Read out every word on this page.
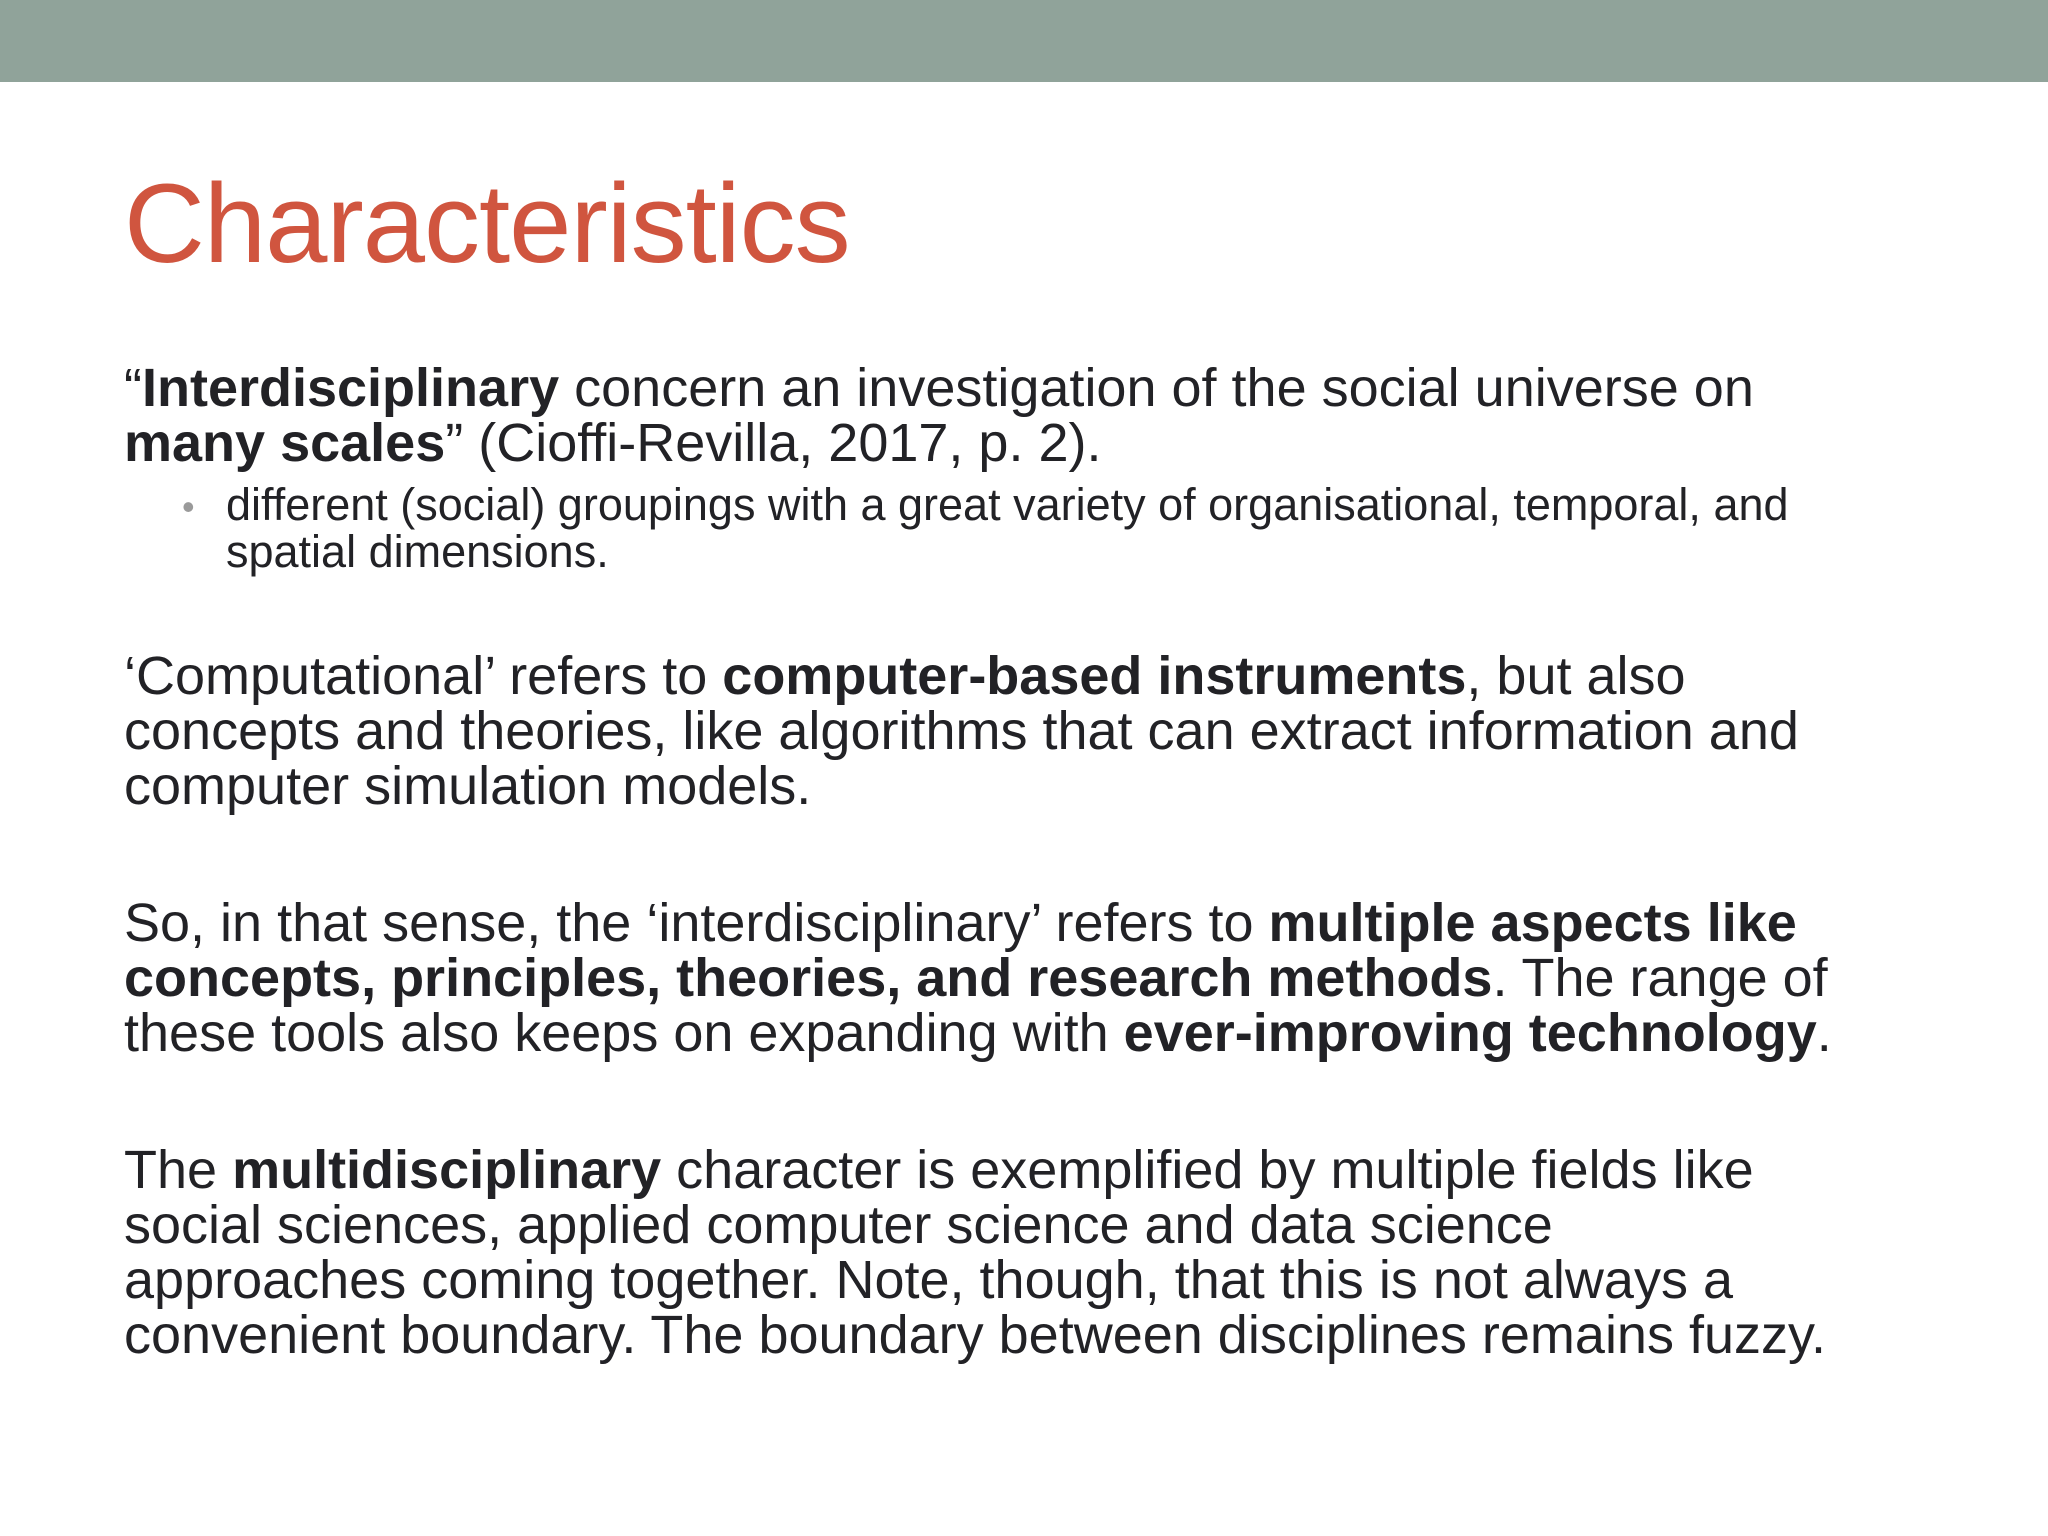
Characteristics

“Interdisciplinary concern an investigation of the social universe on
many scales” (Cioffi-Revilla, 2017, p. 2).

• different (social) groupings with a great variety of organisational, temporal, and
spatial dimensions.

‘Computational’ refers to computer-based instruments, but also
concepts and theories, like algorithms that can extract information and
computer simulation models.

So, in that sense, the ‘interdisciplinary’ refers to multiple aspects like
concepts, principles, theories, and research methods. The range of
these tools also keeps on expanding with ever-improving technology.

The multidisciplinary character is exemplified by multiple fields like
social sciences, applied computer science and data science
approaches coming together. Note, though, that this is not always a
convenient boundary. The boundary between disciplines remains fuzzy.
